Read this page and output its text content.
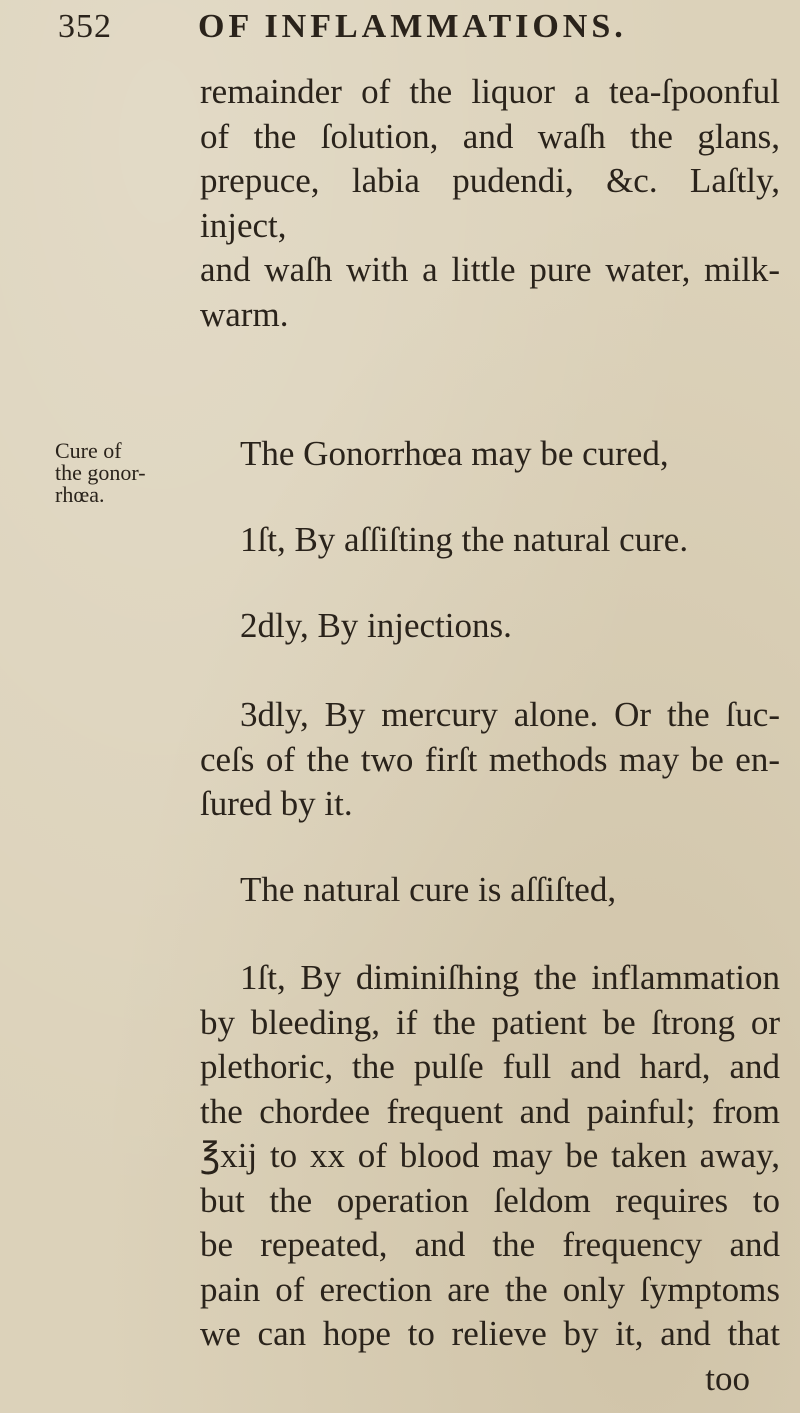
352	OF INFLAMMATIONS.
Cure of
the gonor-
rhœa.
remainder of the liquor a tea-ſpoonful
of the ſolution, and waſh the glans,
prepuce, labia pudendi, &c. Laſtly, inject,
and waſh with a little pure water, milk-
warm.
The Gonorrhœa may be cured,
1ſt, By aſſiſting the natural cure.
2dly, By injections.
3dly, By mercury alone. Or the ſuc-
ceſs of the two firſt methods may be en-
ſured by it.
The natural cure is aſſiſted,
1ſt, By diminiſhing the inflammation
by bleeding, if the patient be ſtrong or
plethoric, the pulſe full and hard, and
the chordee frequent and painful; from
℥xij to xx of blood may be taken away,
but the operation ſeldom requires to
be repeated, and the frequency and
pain of erection are the only ſymptoms
we can hope to relieve by it, and that
too
